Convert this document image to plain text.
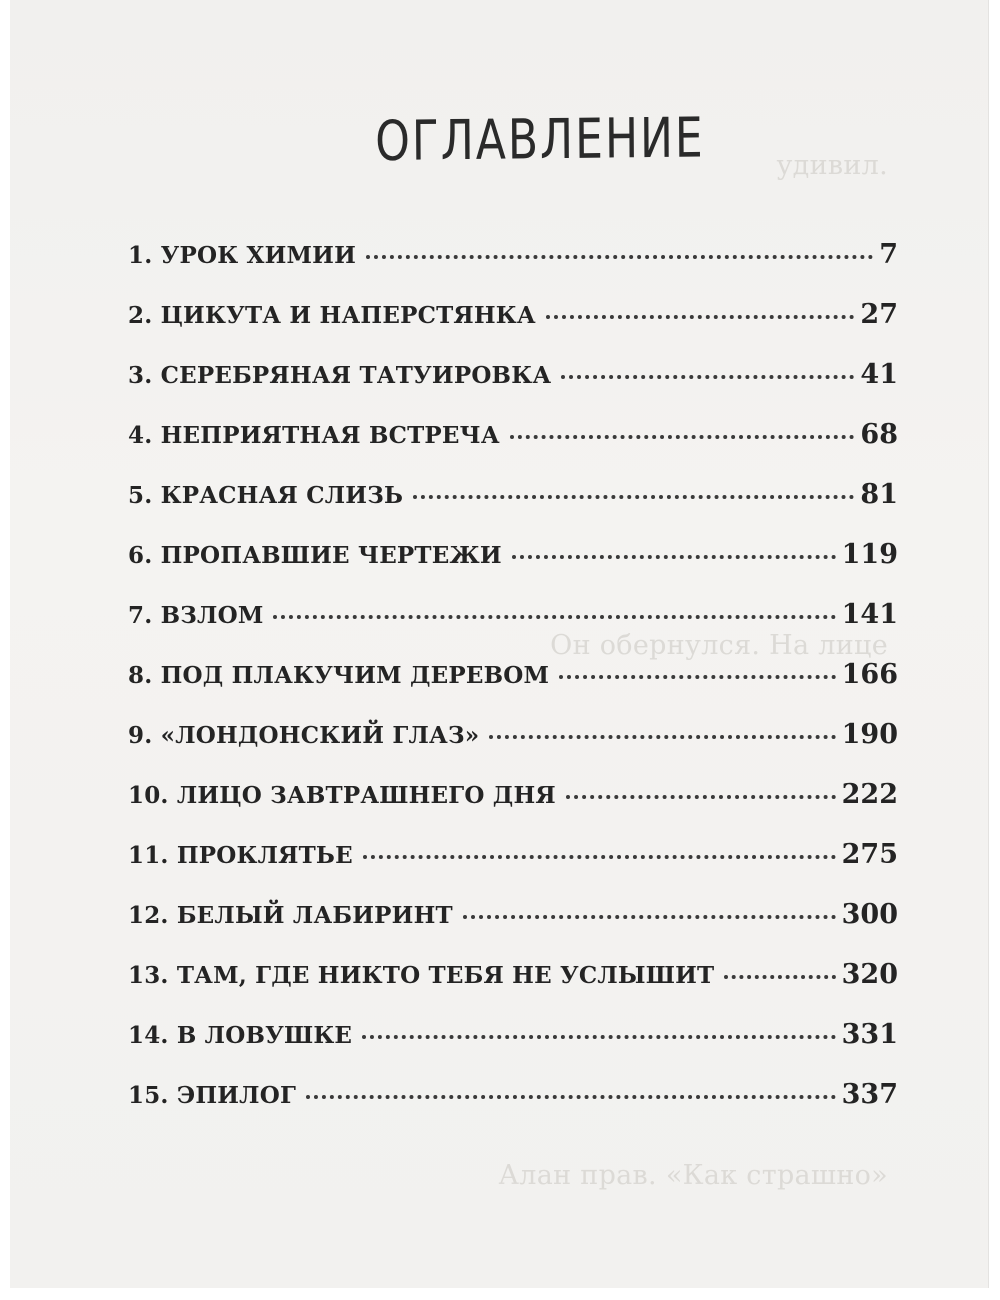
удивил.
Он обернулся. На лице
Алан прав. «Как страшно»
ОГЛАВЛЕНИЕ
1. УРОК ХИМИИ	7
2. ЦИКУТА И НАПЕРСТЯНКА	27
3. СЕРЕБРЯНАЯ ТАТУИРОВКА	41
4. НЕПРИЯТНАЯ ВСТРЕЧА	68
5. КРАСНАЯ СЛИЗЬ	81
6. ПРОПАВШИЕ ЧЕРТЕЖИ	119
7. ВЗЛОМ	141
8. ПОД ПЛАКУЧИМ ДЕРЕВОМ	166
9. «ЛОНДОНСКИЙ ГЛАЗ»	190
10. ЛИЦО ЗАВТРАШНЕГО ДНЯ	222
11. ПРОКЛЯТЬЕ	275
12. БЕЛЫЙ ЛАБИРИНТ	300
13. ТАМ, ГДЕ НИКТО ТЕБЯ НЕ УСЛЫШИТ	320
14. В ЛОВУШКЕ	331
15. ЭПИЛОГ	337
